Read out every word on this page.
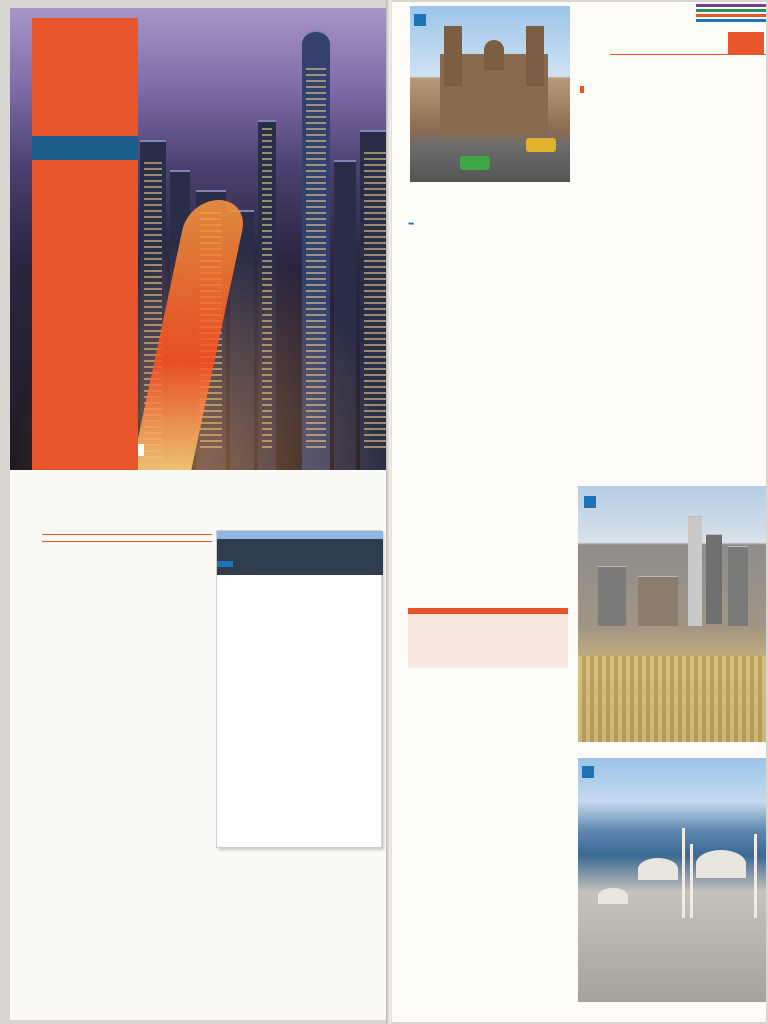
➥
